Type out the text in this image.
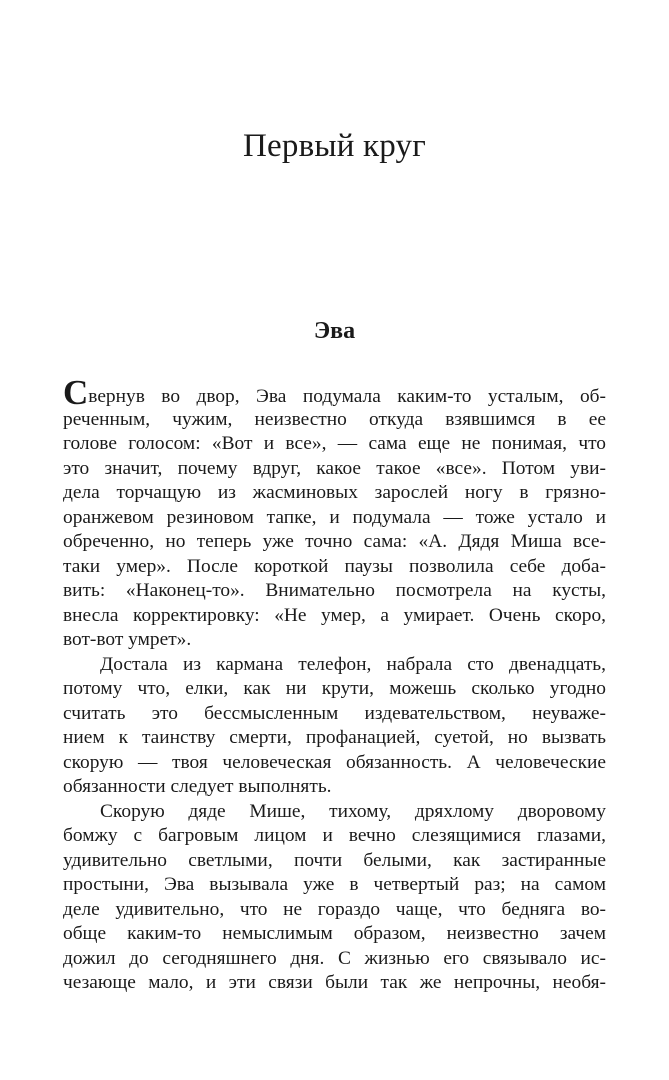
Первый круг
Эва
Свернув во двор, Эва подумала каким-то усталым, об-
реченным, чужим, неизвестно откуда взявшимся в ее
голове голосом: «Вот и все», — сама еще не понимая, что
это значит, почему вдруг, какое такое «все». Потом уви-
дела торчащую из жасминовых зарослей ногу в грязно-
оранжевом резиновом тапке, и подумала — тоже устало и
обреченно, но теперь уже точно сама: «А. Дядя Миша все-
таки умер». После короткой паузы позволила себе доба-
вить: «Наконец-то». Внимательно посмотрела на кусты,
внесла корректировку: «Не умер, а умирает. Очень скоро,
вот-вот умрет».
Достала из кармана телефон, набрала сто двенадцать,
потому что, елки, как ни крути, можешь сколько угодно
считать это бессмысленным издевательством, неуваже-
нием к таинству смерти, профанацией, суетой, но вызвать
скорую — твоя человеческая обязанность. А человеческие
обязанности следует выполнять.
Скорую дяде Мише, тихому, дряхлому дворовому
бомжу с багровым лицом и вечно слезящимися глазами,
удивительно светлыми, почти белыми, как застиранные
простыни, Эва вызывала уже в четвертый раз; на самом
деле удивительно, что не гораздо чаще, что бедняга во-
обще каким-то немыслимым образом, неизвестно зачем
дожил до сегодняшнего дня. С жизнью его связывало ис-
чезающе мало, и эти связи были так же непрочны, необя-
